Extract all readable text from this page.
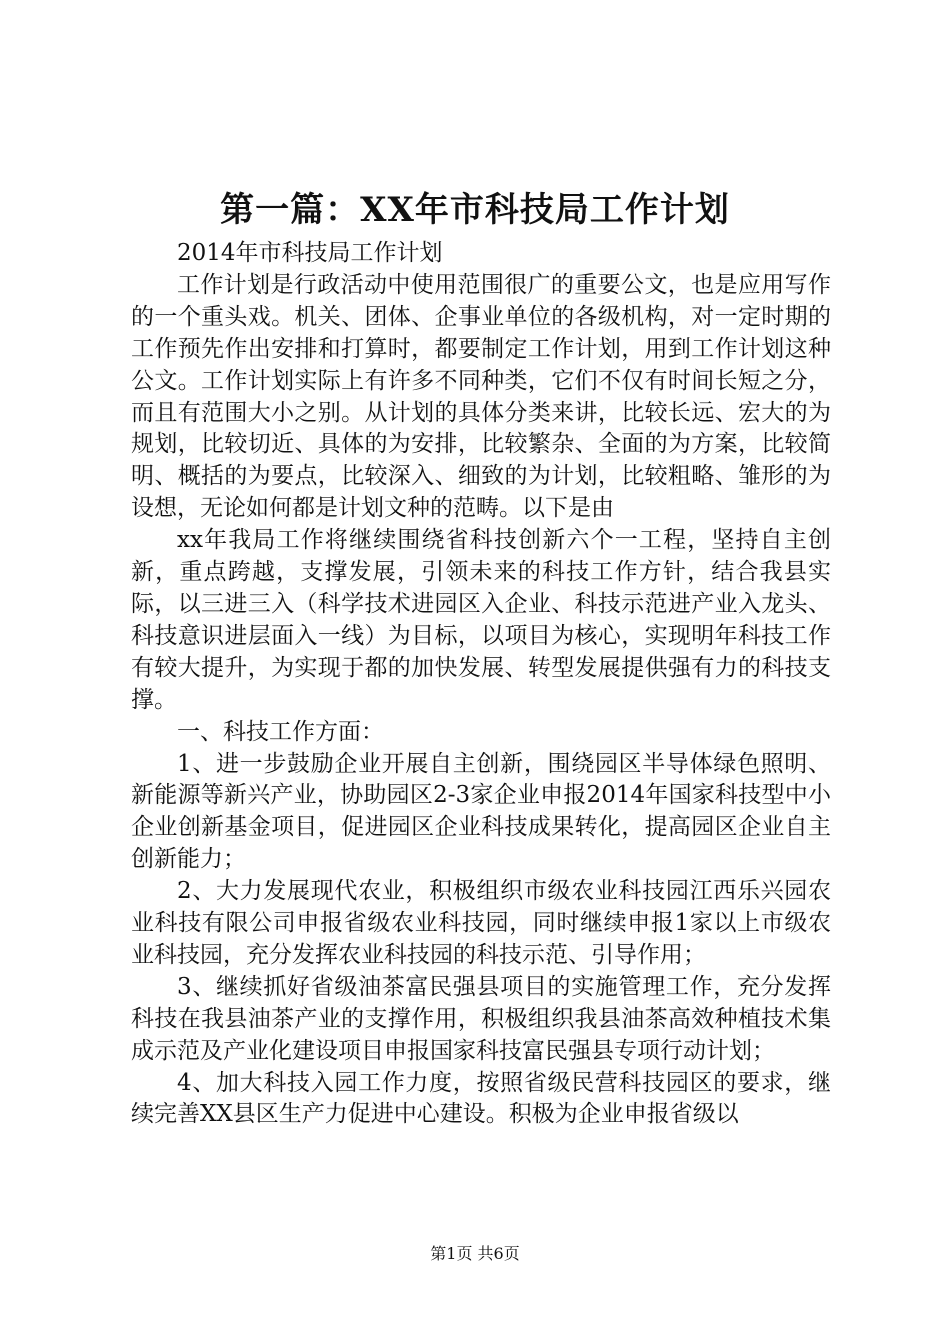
第一篇：XX年市科技局工作计划

2014年市科技局工作计划

工作计划是行政活动中使用范围很广的重要公文，也是应用写作的一个重头戏。机关、团体、企事业单位的各级机构，对一定时期的工作预先作出安排和打算时，都要制定工作计划，用到工作计划这种公文。工作计划实际上有许多不同种类，它们不仅有时间长短之分，而且有范围大小之别。从计划的具体分类来讲，比较长远、宏大的为规划，比较切近、具体的为安排，比较繁杂、全面的为方案，比较简明、概括的为要点，比较深入、细致的为计划，比较粗略、雏形的为设想，无论如何都是计划文种的范畴。以下是由

xx年我局工作将继续围绕省科技创新六个一工程，坚持自主创新，重点跨越，支撑发展，引领未来的科技工作方针，结合我县实际，以三进三入（科学技术进园区入企业、科技示范进产业入龙头、科技意识进层面入一线）为目标，以项目为核心，实现明年科技工作有较大提升，为实现于都的加快发展、转型发展提供强有力的科技支撑。

一、科技工作方面：

1、进一步鼓励企业开展自主创新，围绕园区半导体绿色照明、新能源等新兴产业，协助园区2-3家企业申报2014年国家科技型中小企业创新基金项目，促进园区企业科技成果转化，提高园区企业自主创新能力；

2、大力发展现代农业，积极组织市级农业科技园江西乐兴园农业科技有限公司申报省级农业科技园，同时继续申报1家以上市级农业科技园，充分发挥农业科技园的科技示范、引导作用；

3、继续抓好省级油茶富民强县项目的实施管理工作，充分发挥科技在我县油茶产业的支撑作用，积极组织我县油茶高效种植技术集成示范及产业化建设项目申报国家科技富民强县专项行动计划；

4、加大科技入园工作力度，按照省级民营科技园区的要求，继续完善XX县区生产力促进中心建设。积极为企业申报省级以

第1页 共6页
